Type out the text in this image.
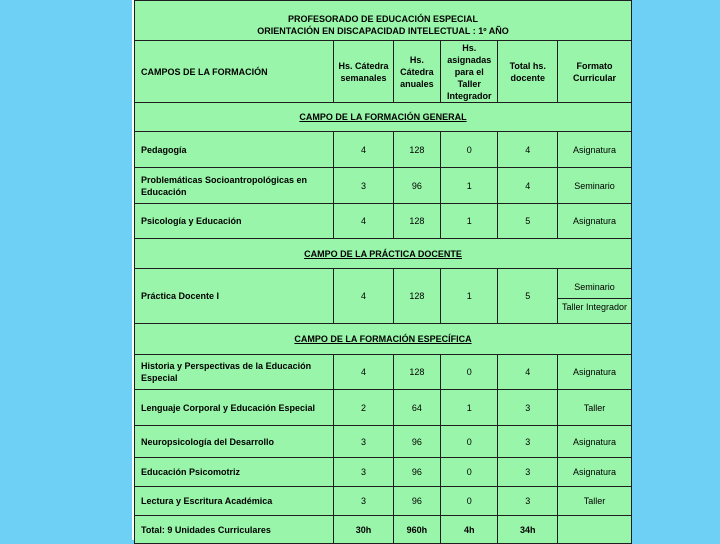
PROFESORADO DE EDUCACIÓN ESPECIAL
ORIENTACIÓN EN DISCAPACIDAD INTELECTUAL : 1º AÑO					

CAMPOS DE LA FORMACIÓN	Hs. Cátedra semanales	Hs. Cátedra anuales	Hs. asignadas para el Taller Integrador	Total hs. docente	Formato Curricular
CAMPO DE LA FORMACIÓN GENERAL					
Pedagogía	4	128	0	4	Asignatura
Problemáticas Socioantropológicas en Educación	3	96	1	4	Seminario
Psicología y Educación	4	128	1	5	Asignatura
CAMPO DE LA PRÁCTICA DOCENTE					
Práctica Docente I	4	128	1	5	Seminario
Taller Integrador

CAMPO DE LA FORMACIÓN ESPECÍFICA					
Historia y Perspectivas de la Educación Especial	4	128	0	4	Asignatura
Lenguaje Corporal y Educación Especial	2	64	1	3	Taller
Neuropsicología del Desarrollo	3	96	0	3	Asignatura
Educación Psicomotriz	3	96	0	3	Asignatura
Lectura y Escritura Académica	3	96	0	3	Taller
Total: 9 Unidades Curriculares	30h	960h	4h	34h	
